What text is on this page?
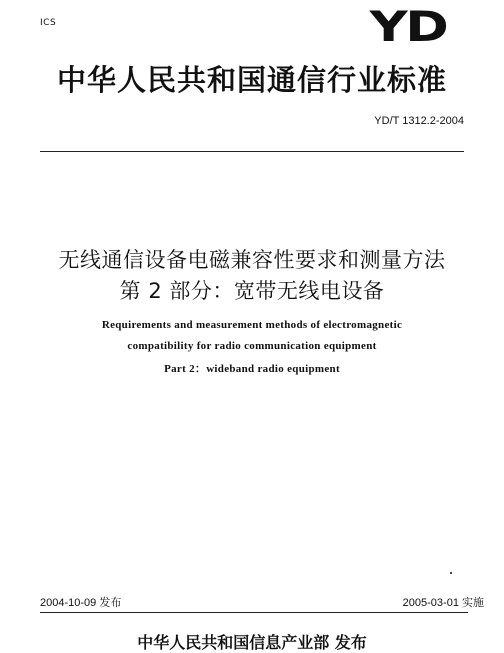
ICS	YD
中华人民共和国通信行业标准
YD/T 1312.2-2004
无线通信设备电磁兼容性要求和测量方法
第 2 部分：宽带无线电设备
Requirements and measurement methods of electromagnetic
compatibility for radio communication equipment
Part 2：wideband radio equipment
2004-10-09 发布	2005-03-01 实施
中华人民共和国信息产业部 发布
